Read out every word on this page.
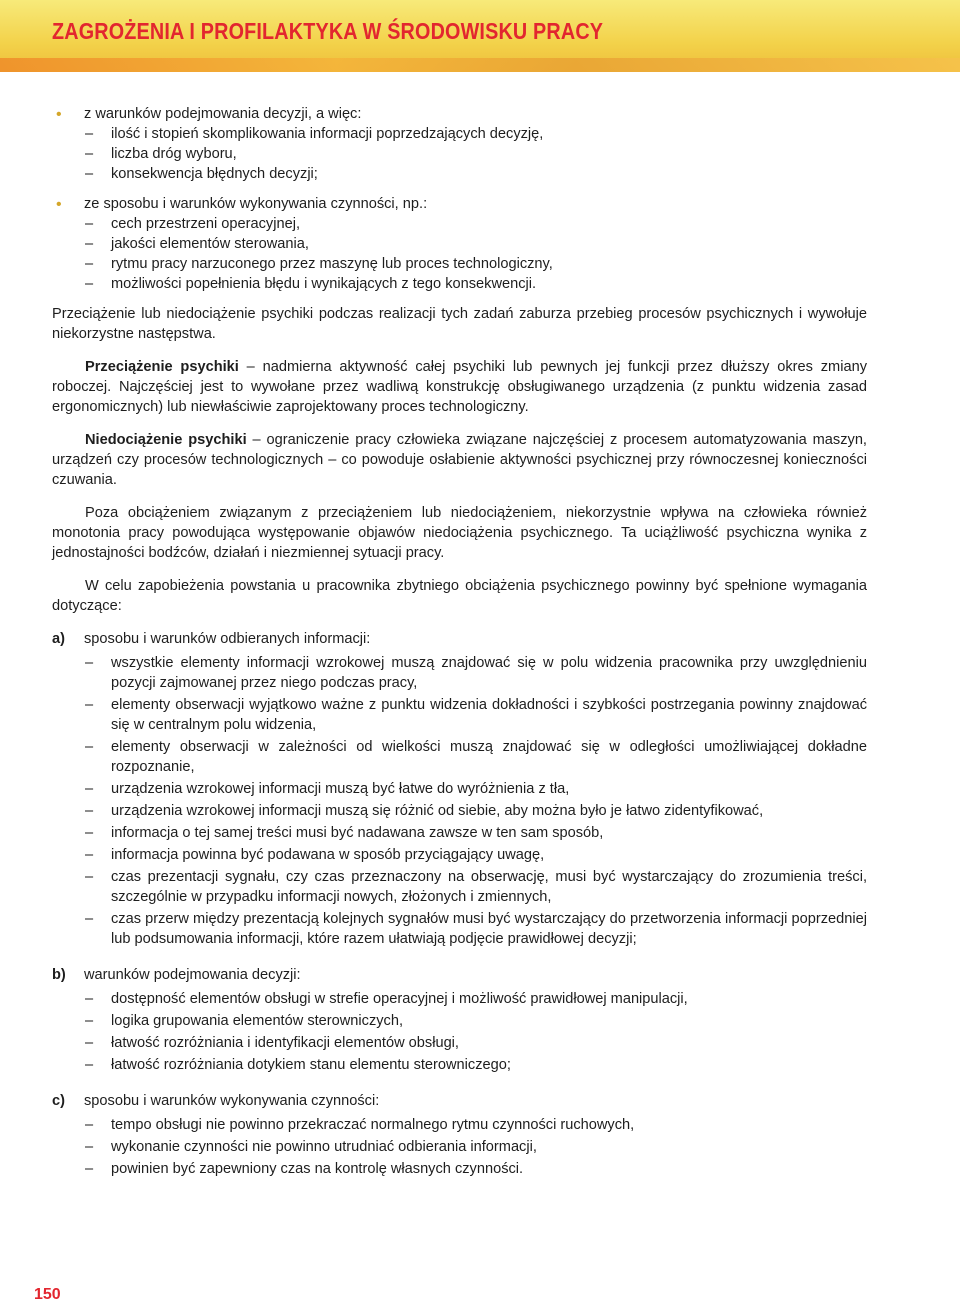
ZAGROŻENIA I PROFILAKTYKA W ŚRODOWISKU PRACY
• z warunków podejmowania decyzji, a więc:
– ilość i stopień skomplikowania informacji poprzedzających decyzję,
– liczba dróg wyboru,
– konsekwencja błędnych decyzji;
• ze sposobu i warunków wykonywania czynności, np.:
– cech przestrzeni operacyjnej,
– jakości elementów sterowania,
– rytmu pracy narzuconego przez maszynę lub proces technologiczny,
– możliwości popełnienia błędu i wynikających z tego konsekwencji.

Przeciążenie lub niedociążenie psychiki podczas realizacji tych zadań zaburza przebieg procesów psychicznych i wywołuje niekorzystne następstwa.

Przeciążenie psychiki – nadmierna aktywność całej psychiki lub pewnych jej funkcji przez dłuższy okres zmiany roboczej. Najczęściej jest to wywołane przez wadliwą konstrukcję obsługiwanego urządzenia (z punktu widzenia zasad ergonomicznych) lub niewłaściwie zaprojektowany proces technologiczny.

Niedociążenie psychiki – ograniczenie pracy człowieka związane najczęściej z procesem automatyzowania maszyn, urządzeń czy procesów technologicznych – co powoduje osłabienie aktywności psychicznej przy równoczesnej konieczności czuwania.

Poza obciążeniem związanym z przeciążeniem lub niedociążeniem, niekorzystnie wpływa na człowieka również monotonia pracy powodująca występowanie objawów niedociążenia psychicznego. Ta uciążliwość psychiczna wynika z jednostajności bodźców, działań i niezmiennej sytuacji pracy.

W celu zapobieżenia powstania u pracownika zbytniego obciążenia psychicznego powinny być spełnione wymagania dotyczące:

a) sposobu i warunków odbieranych informacji:
– wszystkie elementy informacji wzrokowej muszą znajdować się w polu widzenia pracownika przy uwzględnieniu pozycji zajmowanej przez niego podczas pracy,
– elementy obserwacji wyjątkowo ważne z punktu widzenia dokładności i szybkości postrzegania powinny znajdować się w centralnym polu widzenia,
– elementy obserwacji w zależności od wielkości muszą znajdować się w odległości umożliwiającej dokładne rozpoznanie,
– urządzenia wzrokowej informacji muszą być łatwe do wyróżnienia z tła,
– urządzenia wzrokowej informacji muszą się różnić od siebie, aby można było je łatwo zidentyfikować,
– informacja o tej samej treści musi być nadawana zawsze w ten sam sposób,
– informacja powinna być podawana w sposób przyciągający uwagę,
– czas prezentacji sygnału, czy czas przeznaczony na obserwację, musi być wystarczający do zrozumienia treści, szczególnie w przypadku informacji nowych, złożonych i zmiennych,
– czas przerw między prezentacją kolejnych sygnałów musi być wystarczający do przetworzenia informacji poprzedniej lub podsumowania informacji, które razem ułatwiają podjęcie prawidłowej decyzji;
b) warunków podejmowania decyzji:
– dostępność elementów obsługi w strefie operacyjnej i możliwość prawidłowej manipulacji,
– logika grupowania elementów sterowniczych,
– łatwość rozróżniania i identyfikacji elementów obsługi,
– łatwość rozróżniania dotykiem stanu elementu sterowniczego;
c) sposobu i warunków wykonywania czynności:
– tempo obsługi nie powinno przekraczać normalnego rytmu czynności ruchowych,
– wykonanie czynności nie powinno utrudniać odbierania informacji,
– powinien być zapewniony czas na kontrolę własnych czynności.
150
